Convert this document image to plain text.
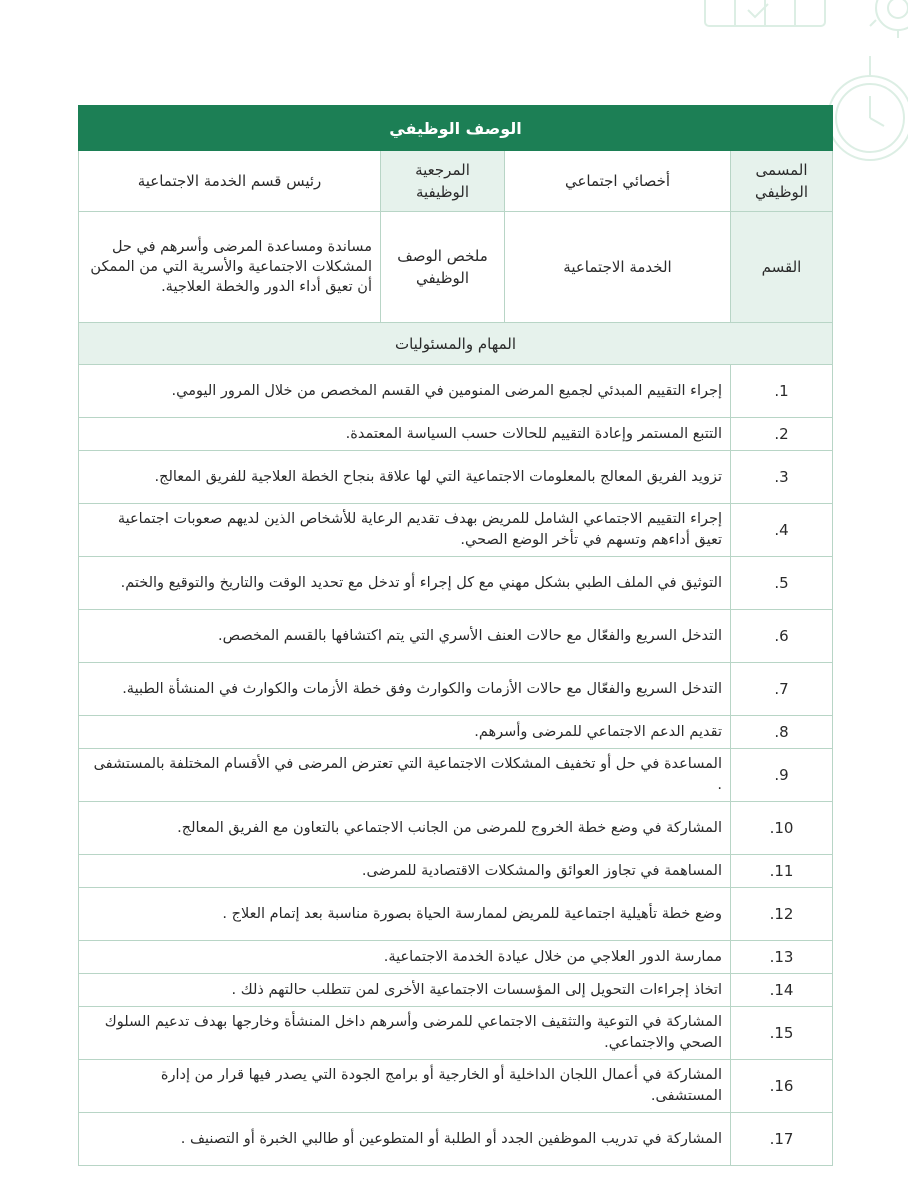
الوصف الوظيفي			
المسمى الوظيفي	أخصائي اجتماعي	المرجعية الوظيفية	رئيس قسم الخدمة الاجتماعية
القسم	الخدمة الاجتماعية	ملخص الوصف الوظيفي	مساندة ومساعدة المرضى وأسرهم في حل المشكلات الاجتماعية والأسرية التي من الممكن أن تعيق أداء الدور والخطة العلاجية.
المهام والمسئوليات			
1.	إجراء التقييم المبدئي لجميع المرضى المنومين في القسم المخصص من خلال المرور اليومي.		
2.	التتبع المستمر وإعادة التقييم للحالات حسب السياسة المعتمدة.		
3.	تزويد الفريق المعالج بالمعلومات الاجتماعية التي لها علاقة بنجاح الخطة العلاجية للفريق المعالج.		
4.	إجراء التقييم الاجتماعي الشامل للمريض بهدف تقديم الرعاية للأشخاص الذين لديهم صعوبات اجتماعية تعيق أداءهم وتسهم في تأخر الوضع الصحي.		
5.	التوثيق في الملف الطبي بشكل مهني مع كل إجراء أو تدخل مع تحديد الوقت والتاريخ والتوقيع والختم.		
6.	التدخل السريع والفعّال مع حالات العنف الأسري التي يتم اكتشافها بالقسم المخصص.		
7.	التدخل السريع والفعّال مع حالات الأزمات والكوارث وفق خطة الأزمات والكوارث في المنشأة الطبية.		
8.	تقديم الدعم الاجتماعي للمرضى وأسرهم.		
9.	المساعدة في حل أو تخفيف المشكلات الاجتماعية التي تعترض المرضى في الأقسام المختلفة بالمستشفى .		
10.	المشاركة في وضع خطة الخروج للمرضى من الجانب الاجتماعي بالتعاون مع الفريق المعالج.		
11.	المساهمة في تجاوز العوائق والمشكلات الاقتصادية للمرضى.		
12.	وضع خطة تأهيلية اجتماعية للمريض لممارسة الحياة بصورة مناسبة بعد إتمام العلاج .		
13.	ممارسة الدور العلاجي من خلال عيادة الخدمة الاجتماعية.		
14.	اتخاذ إجراءات التحويل إلى المؤسسات الاجتماعية الأخرى لمن تتطلب حالتهم ذلك .		
15.	المشاركة في التوعية والتثقيف الاجتماعي للمرضى وأسرهم داخل المنشأة وخارجها بهدف تدعيم السلوك الصحي والاجتماعي.		
16.	المشاركة في أعمال اللجان الداخلية أو الخارجية أو برامج الجودة التي يصدر فيها قرار من إدارة المستشفى.		
17.	المشاركة في تدريب الموظفين الجدد أو الطلبة أو المتطوعين أو طالبي الخبرة أو التصنيف .		
